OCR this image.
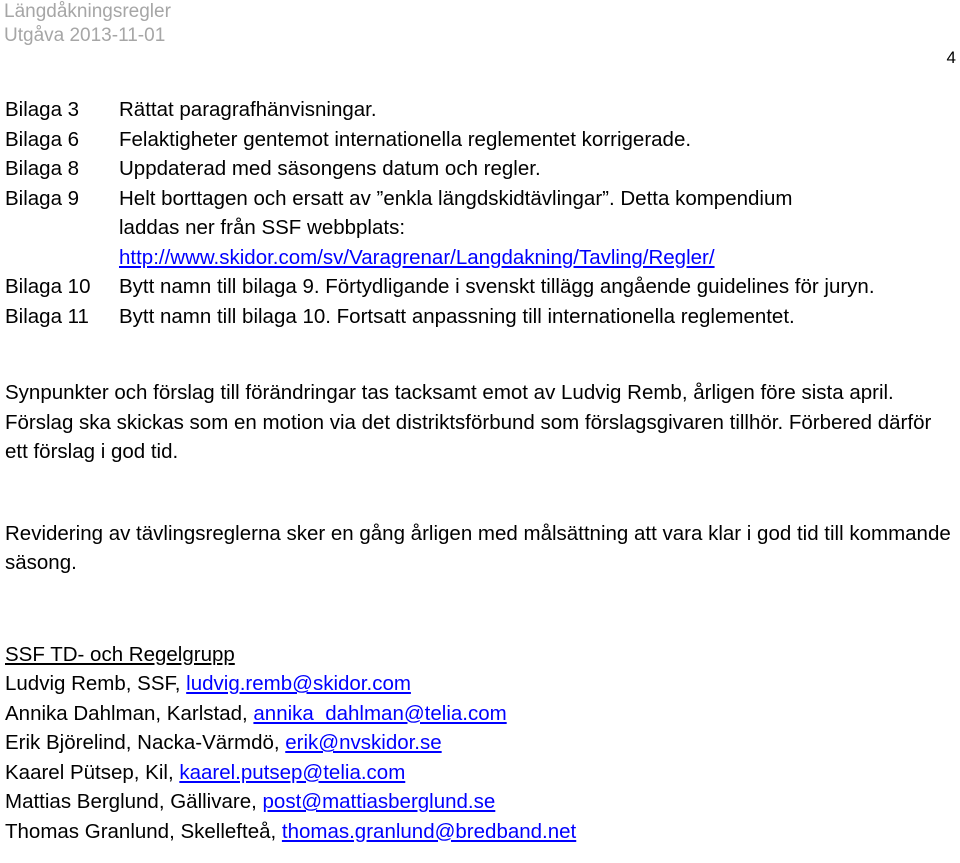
Längdåkningsregler
Utgåva 2013-11-01
4
Bilaga 3	Rättat paragrafhänvisningar.
Bilaga 6	Felaktigheter gentemot internationella reglementet korrigerade.
Bilaga 8	Uppdaterad med säsongens datum och regler.
Bilaga 9	Helt borttagen och ersatt av ”enkla längdskidtävlingar”. Detta kompendium
laddas ner från SSF webbplats:
http://www.skidor.com/sv/Varagrenar/Langdakning/Tavling/Regler/
Bilaga 10	Bytt namn till bilaga 9. Förtydligande i svenskt tillägg angående guidelines för juryn.
Bilaga 11	Bytt namn till bilaga 10. Fortsatt anpassning till internationella reglementet.

Synpunkter och förslag till förändringar tas tacksamt emot av Ludvig Remb, årligen före sista april. Förslag ska skickas som en motion via det distriktsförbund som förslagsgivaren tillhör. Förbered därför ett förslag i god tid.

Revidering av tävlingsreglerna sker en gång årligen med målsättning att vara klar i god tid till kommande säsong.

SSF TD- och Regelgrupp
Ludvig Remb, SSF, ludvig.remb@skidor.com
Annika Dahlman, Karlstad, annika_dahlman@telia.com
Erik Björelind, Nacka-Värmdö, erik@nvskidor.se
Kaarel Pütsep, Kil, kaarel.putsep@telia.com
Mattias Berglund, Gällivare, post@mattiasberglund.se
Thomas Granlund, Skellefteå, thomas.granlund@bredband.net
